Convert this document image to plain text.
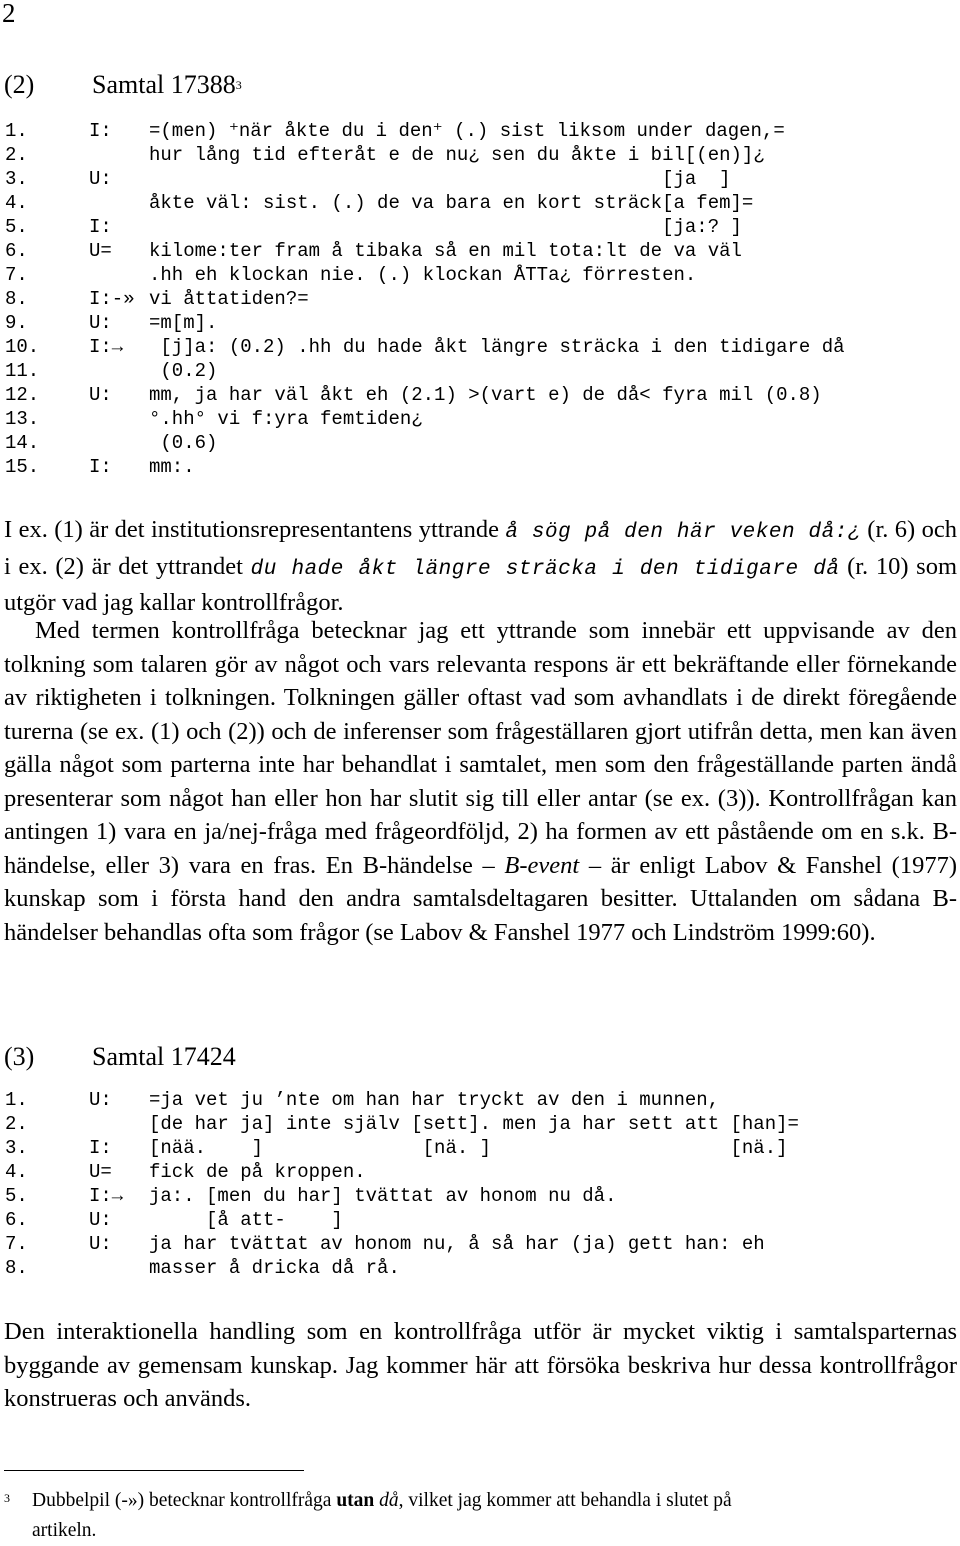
2
(2) Samtal 17388$^3$
1.	I: =(men) ⁺när åkte du i den⁺ (.) sist liksom under dagen,=
2.	hur lång tid efteråt e de nu¿ sen du åkte i bil[(en)]¿
3.	U:                                             [ja  ]
4.	åkte väl: sist. (.) de va bara en kort sträck[a fem]=
5.	I:                                             [ja:? ]
6.	U= kilome:ter fram å tibaka så en mil tota:lt de va väl
7.	.hh eh klockan nie. (.) klockan ÅTTa¿ förresten.
8.	I:-» vi åttatiden?=
9.	U: =m[m].
10.	I:→ [j]a: (0.2) .hh du hade åkt längre sträcka i den tidigare då
11.	(0.2)
12.	U: mm, ja har väl åkt eh (2.1) >(vart e) de då< fyra mil (0.8)
13.	°.hh° vi f:yra femtiden¿
14.	(0.6)
15.	I: mm:.
I ex. (1) är det institutionsrepresentantens yttrande å sög på den här veken då:¿ (r. 6) och i ex. (2) är det yttrandet du hade åkt längre sträcka i den tidigare då (r. 10) som utgör vad jag kallar kontrollfrågor.
Med termen kontrollfråga betecknar jag ett yttrande som innebär ett uppvisande av den tolkning som talaren gör av något och vars relevanta respons är ett bekräftande eller förnekande av riktigheten i tolkningen. Tolkningen gäller oftast vad som avhandlats i de direkt föregående turerna (se ex. (1) och (2)) och de inferenser som frågeställaren gjort utifrån detta, men kan även gälla något som parterna inte har behandlat i samtalet, men som den frågeställande parten ändå presenterar som något han eller hon har slutit sig till eller antar (se ex. (3)). Kontrollfrågan kan antingen 1) vara en ja/nej-fråga med frågeordföljd, 2) ha formen av ett påstående om en s.k. B-händelse, eller 3) vara en fras. En B-händelse – B-event – är enligt Labov & Fanshel (1977) kunskap som i första hand den andra samtalsdeltagaren besitter. Uttalanden om sådana B-händelser behandlas ofta som frågor (se Labov & Fanshel 1977 och Lindström 1999:60).
(3) Samtal 17424
1.	U: =ja vet ju ’nte om han har tryckt av den i munnen,
2.	[de har ja] inte själv [sett]. men ja har sett att [han]=
3.	I: [nää.    ]              [nä. ]                     [nä.]
4.	U= fick de på kroppen.
5.	I:→ ja:. [men du har] tvättat av honom nu då.
6.	U:     [å att-    ]
7.	U: ja har tvättat av honom nu, å så har (ja) gett han: eh
8.	masser å dricka då rå.
Den interaktionella handling som en kontrollfråga utför är mycket viktig i samtalsparternas byggande av gemensam kunskap. Jag kommer här att försöka beskriva hur dessa kontrollfrågor konstrueras och används.
3 Dubbelpil (-») betecknar kontrollfråga utan då, vilket jag kommer att behandla i slutet på
artikeln.
